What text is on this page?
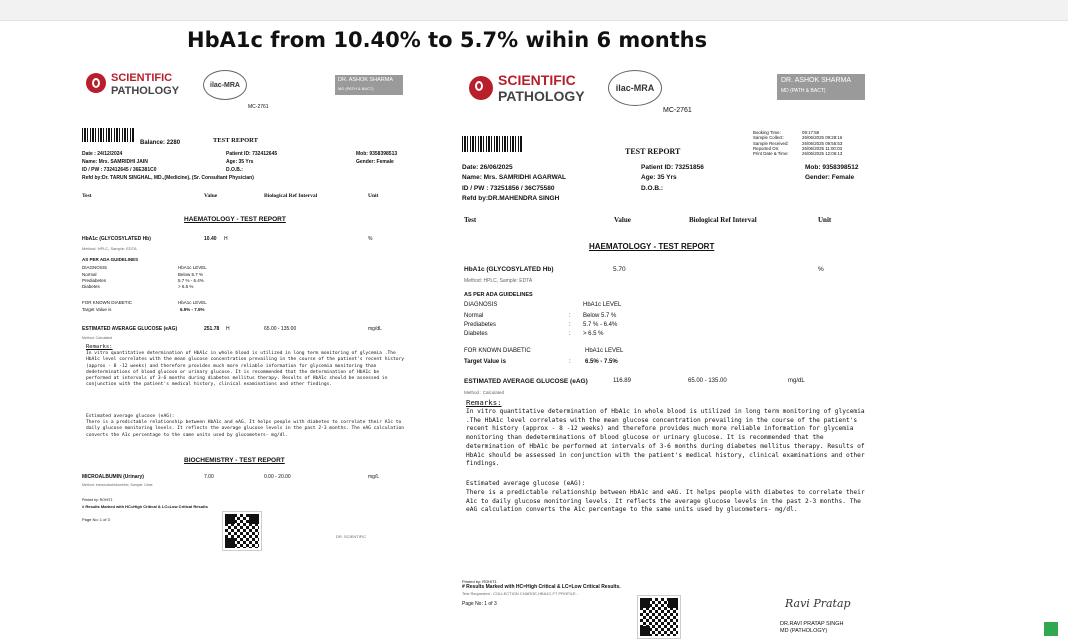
HbA1c from 10.40% to 5.7% wihin 6 months
SCIENTIFIC
PATHOLOGY	ilac-MRA
MC-2761
DR. ASHOK SHARMA
MD (PATH & BACT)
Balance: 2280	TEST REPORT
Date : 24/12/2024	Patient ID: 732412645	Mob: 9358398513
Name: Mrs. SAMRIDHI JAIN	Age: 35 Yrs	Gender: Female
ID / PW : 732412645 / 36E381C0	D.O.B.:
Refd by:Dr. TARUN SINGHAL, MD.,(Medicine), (Sr. Consultant Physician)
Test	Value	Biological Ref Interval	Unit
HAEMATOLOGY - TEST REPORT
HbA1c (GLYCOSYLATED Hb)	10.40 H	%
Method: HPLC, Sample: EDTA
AS PER ADA GUIDELINES
DIAGNOSIS	HbA1c LEVEL
Normal	Below 5.7 %
Prediabetes	5.7 % - 6.4%
Diabetes	> 6.5 %
FOR KNOWN DIABETIC	HbA1c LEVEL
Target Value is	6.5% - 7.5%
ESTIMATED AVERAGE GLUCOSE (eAG)	251.78 H	65.00 - 135.00	mg/dL
Method: Calculated
Remarks:
In vitro quantitative determination of HbA1c in whole blood is utilized in long term monitoring of glycemia .The HbA1c level correlates with the mean glucose concentration prevailing in the course of the patient's recent history (approx - 8 -12 weeks) and therefore provides much more reliable information for glycemia monitoring than dedeterminations of blood glucose or urinary glucose. It is recommended that the determination of HbA1c be performed at intervals of 3-6 months during diabetes mellitus therapy. Results of HbA1c should be assessed in conjunction with the patient's medical history, clinical examinations and other findings.
Estimated average glucose (eAG):
There is a predictable relationship between HbA1c and eAG. It helps people with diabetes to correlate their A1c to daily glucose monitoring levels. It reflects the average glucose levels in the past 2-3 months. The eAG calculation converts the A1c percentage to the same units used by glucometers- mg/dl.
BIOCHEMISTRY - TEST REPORT
MICROALBUMIN (Urinary)	7.00	0.00 - 20.00	mg/L
Method: Immunoturbidometric, Sample: Urine
Printed by: ROHIT1
# Results Marked with HC=High Critical & LC=Low Critical Results
Page No: 1 of 3
DR. SCIENTIFIC
SCIENTIFIC
PATHOLOGY	ilac-MRA
MC-2761
DR. ASHOK SHARMA
MD (PATH & BACT)
Booking Time:	09:17:58
Sample Collect:	26/06/2025 09:28:16
Sample Received:	26/06/2025 09:55:53
Reported On:	26/06/2025 11:00:03
Print Date & Time:	26/06/2025 12:06:13
TEST REPORT
Date: 26/06/2025	Patient ID: 73251856	Mob: 9358398512
Name: Mrs. SAMRIDHI AGARWAL	Age: 35 Yrs	Gender: Female
ID / PW : 73251856 / 36C75580	D.O.B.:
Refd by:DR.MAHENDRA SINGH
Test	Value	Biological Ref Interval	Unit
HAEMATOLOGY - TEST REPORT
HbA1c (GLYCOSYLATED Hb)	5.70	%
Method: HPLC, Sample: EDTA
AS PER ADA GUIDELINES
DIAGNOSIS	HbA1c LEVEL
Normal	: Below 5.7 %
Prediabetes	: 5.7 % - 6.4%
Diabetes	: > 6.5 %
FOR KNOWN DIABETIC	HbA1c LEVEL
Target Value is	: 6.5% - 7.5%
ESTIMATED AVERAGE GLUCOSE (eAG)	116.89	65.00 - 135.00	mg/dL
Method : Calculated
Remarks:
In vitro quantitative determination of HbA1c in whole blood is utilized in long term monitoring of glycemia .The HbA1c level correlates with the mean glucose concentration prevailing in the course of the patient's recent history (approx - 8 -12 weeks) and therefore provides much more reliable information for glycemia monitoring than dedeterminations of blood glucose or urinary glucose. It is recommended that the determination of HbA1c be performed at intervals of 3-6 months during diabetes mellitus therapy. Results of HbA1c should be assessed in conjunction with the patient's medical history, clinical examinations and other findings.
Estimated average glucose (eAG):
There is a predictable relationship between HbA1c and eAG. It helps people with diabetes to correlate their A1c to daily glucose monitoring levels. It reflects the average glucose levels in the past 2-3 months. The eAG calculation converts the A1c percentage to the same units used by glucometers- mg/dl.
Printed by: ROHIT1
# Results Marked with HC=High Critical & LC=Low Critical Results.
Test Requested : COLLECTION CHARGE,HBA1C,FT PROFILE -
Page No: 1 of 3	Ravi Pratap
DR.RAVI PRATAP SINGH
MD (PATHOLOGY)
